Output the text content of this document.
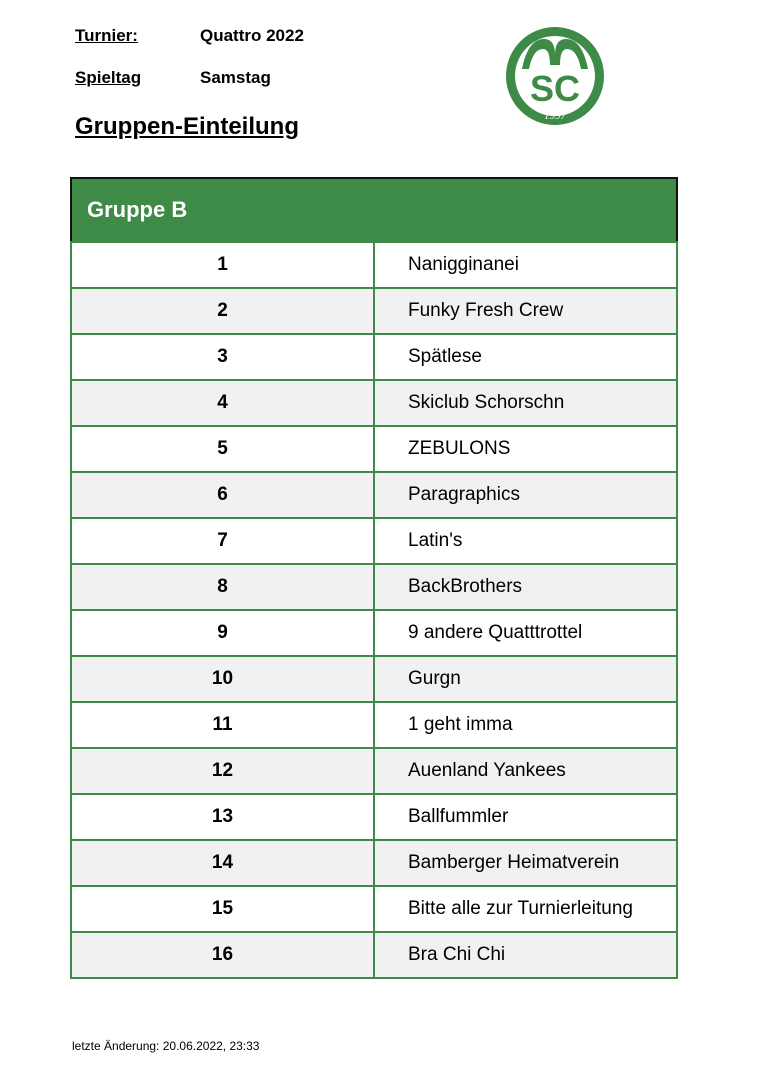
Turnier:	Quattro 2022
Spieltag	Samstag
Gruppen-Einteilung
SC
1997
Gruppe B	
1	Nanigginanei
2	Funky Fresh Crew
3	Spätlese
4	Skiclub Schorschn
5	ZEBULONS
6	Paragraphics
7	Latin's
8	BackBrothers
9	9 andere Quatttrottel
10	Gurgn
11	1 geht imma
12	Auenland Yankees
13	Ballfummler
14	Bamberger Heimatverein
15	Bitte alle zur Turnierleitung
16	Bra Chi Chi
letzte Änderung: 20.06.2022, 23:33
